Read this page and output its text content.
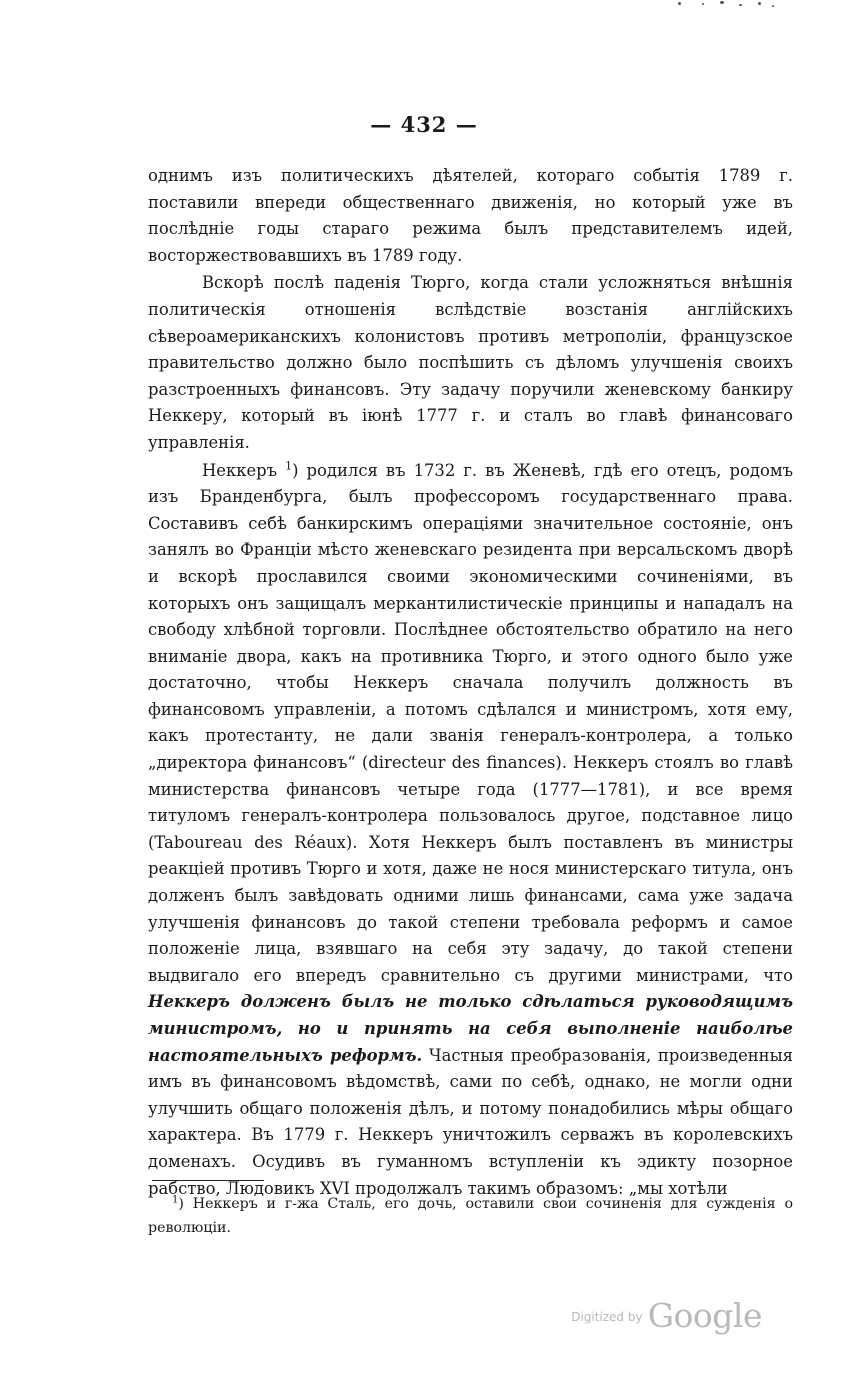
— 432 —

однимъ изъ политическихъ дѣятелей, котораго событія 1789 г. поставили впереди общественнаго движенія, но который уже въ послѣдніе годы стараго режима былъ представителемъ идей, восторжествовавшихъ въ 1789 году.

Вскорѣ послѣ паденія Тюрго, когда стали усложняться внѣшнія политическія отношенія вслѣдствіе возстанія англійскихъ сѣвероамериканскихъ колонистовъ противъ метрополіи, французское правительство должно было поспѣшить съ дѣломъ улучшенія своихъ разстроенныхъ финансовъ. Эту задачу поручили женевскому банкиру Неккеру, который въ іюнѣ 1777 г. и сталъ во главѣ финансоваго управленія.

Неккеръ $^1$) родился въ 1732 г. въ Женевѣ, гдѣ его отецъ, родомъ изъ Бранденбурга, былъ профессоромъ государственнаго права. Составивъ себѣ банкирскимъ операціями значительное состояніе, онъ занялъ во Франціи мѣсто женевскаго резидента при версальскомъ дворѣ и вскорѣ прославился своими экономическими сочиненіями, въ которыхъ онъ защищалъ меркантилистическіе принципы и нападалъ на свободу хлѣбной торговли. Послѣднее обстоятельство обратило на него вниманіе двора, какъ на противника Тюрго, и этого одного было уже достаточно, чтобы Неккеръ сначала получилъ должность въ финансовомъ управленіи, а потомъ сдѣлался и министромъ, хотя ему, какъ протестанту, не дали званія генералъ-контролера, а только „директора финансовъ“ (directeur des finances). Неккеръ стоялъ во главѣ министерства финансовъ четыре года (1777—1781), и все время титуломъ генералъ-контролера пользовалось другое, подставное лицо (Taboureau des Réaux). Хотя Неккеръ былъ поставленъ въ министры реакціей противъ Тюрго и хотя, даже не нося министерскаго титула, онъ долженъ былъ завѣдовать одними лишь финансами, сама уже задача улучшенія финансовъ до такой степени требовала реформъ и самое положеніе лица, взявшаго на себя эту задачу, до такой степени выдвигало его впередъ сравнительно съ другими министрами, что Неккеръ долженъ былъ не только сдѣлаться руководящимъ министромъ, но и принять на себя выполненіе наиболѣе настоятельныхъ реформъ. Частныя преобразованія, произведенныя имъ въ финансовомъ вѣдомствѣ, сами по себѣ, однако, не могли одни улучшить общаго положенія дѣлъ, и потому понадобились мѣры общаго характера. Въ 1779 г. Неккеръ уничтожилъ серважъ въ королевскихъ доменахъ. Осудивъ въ гуманномъ вступленіи къ эдикту позорное рабство, Людовикъ XVI продолжалъ такимъ образомъ: „мы хотѣли

$^1$) Неккеръ и г-жа Сталь, его дочь, оставили свои сочиненія для сужденія о революціи.
$^{Digitized by}$ Google
